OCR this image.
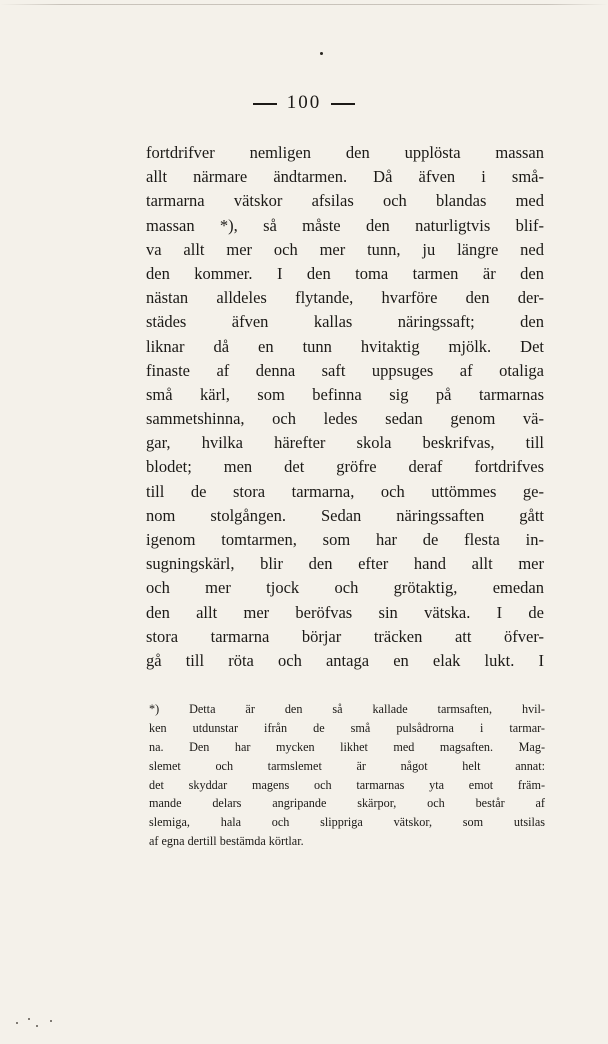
100
fortdrifver nemligen den upplösta massan
allt närmare ändtarmen. Då äfven i små-
tarmarna vätskor afsilas och blandas med
massan *), så måste den naturligtvis blif-
va allt mer och mer tunn, ju längre ned
den kommer. I den toma tarmen är den
nästan alldeles flytande, hvarföre den der-
städes äfven kallas näringssaft; den
liknar då en tunn hvitaktig mjölk. Det
finaste af denna saft uppsuges af otaliga
små kärl, som befinna sig på tarmarnas
sammetshinna, och ledes sedan genom vä-
gar, hvilka härefter skola beskrifvas, till
blodet; men det gröfre deraf fortdrifves
till de stora tarmarna, och uttömmes ge-
nom stolgången. Sedan näringssaften gått
igenom tomtarmen, som har de flesta in-
sugningskärl, blir den efter hand allt mer
och mer tjock och grötaktig, emedan
den allt mer beröfvas sin vätska. I de
stora tarmarna börjar träcken att öfver-
gå till röta och antaga en elak lukt. I
*) Detta är den så kallade tarmsaften, hvil-
ken utdunstar ifrån de små pulsådrorna i tarmar-
na. Den har mycken likhet med magsaften. Mag-
slemet och tarmslemet är något helt annat:
det skyddar magens och tarmarnas yta emot främ-
mande delars angripande skärpor, och består af
slemiga, hala och slippriga vätskor, som utsilas
af egna dertill bestämda körtlar.
